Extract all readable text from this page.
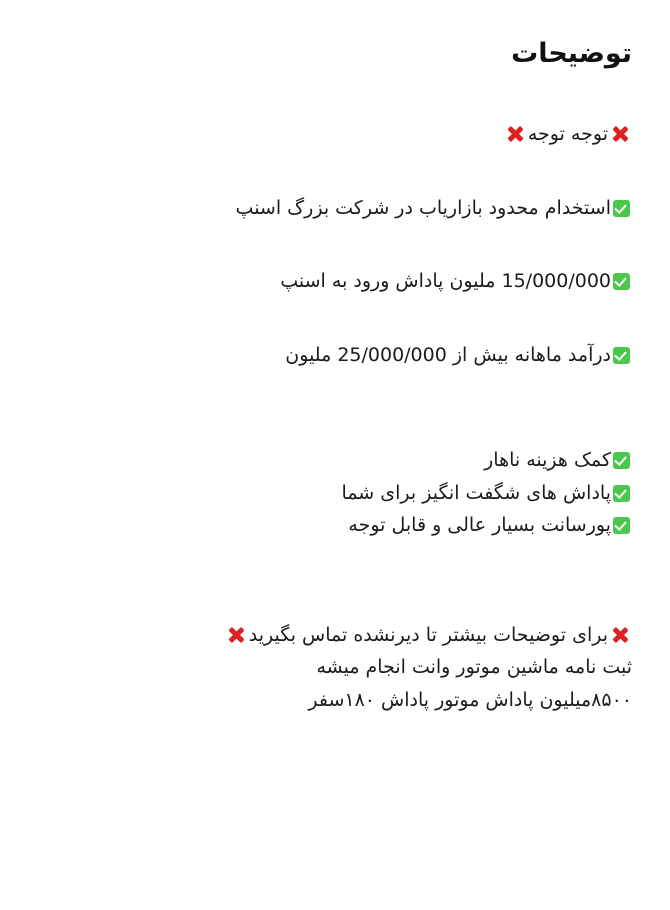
توضیحات
توجه توجه
استخدام محدود بازاریاب در شرکت بزرگ اسنپ
15/000/000 ملیون پاداش ورود به اسنپ
درآمد ماهانه بیش از 25/000/000 ملیون
کمک هزینه ناهار
پاداش های شگفت انگیز برای شما
پورسانت بسیار عالی و قابل توجه
برای توضیحات بیشتر تا دیرنشده تماس بگیرید
ثبت نامه ماشین موتور وانت انجام میشه
۸۵۰۰میلیون پاداش موتور پاداش ۱۸۰سفر
